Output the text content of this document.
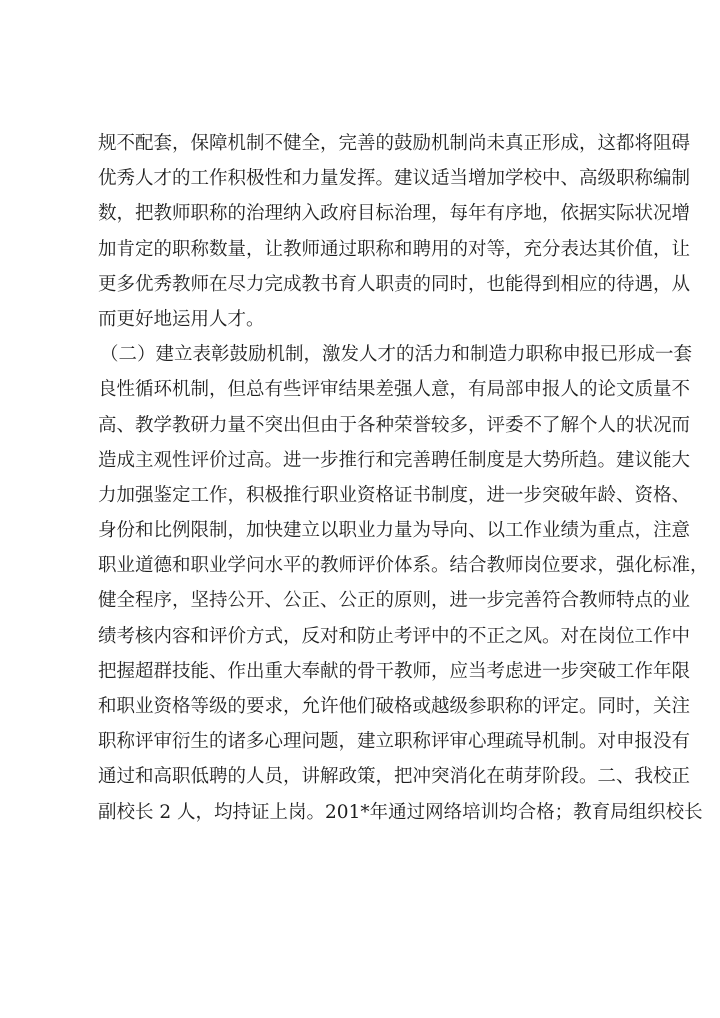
规不配套，保障机制不健全，完善的鼓励机制尚未真正形成，这都将阻碍
优秀人才的工作积极性和力量发挥。建议适当增加学校中、高级职称编制
数，把教师职称的治理纳入政府目标治理，每年有序地，依据实际状况增
加肯定的职称数量，让教师通过职称和聘用的对等，充分表达其价值，让
更多优秀教师在尽力完成教书育人职责的同时，也能得到相应的待遇，从
而更好地运用人才。
（二）建立表彰鼓励机制，激发人才的活力和制造力职称申报已形成一套
良性循环机制，但总有些评审结果差强人意，有局部申报人的论文质量不
高、教学教研力量不突出但由于各种荣誉较多，评委不了解个人的状况而
造成主观性评价过高。进一步推行和完善聘任制度是大势所趋。建议能大
力加强鉴定工作，积极推行职业资格证书制度，进一步突破年龄、资格、
身份和比例限制，加快建立以职业力量为导向、以工作业绩为重点，注意
职业道德和职业学问水平的教师评价体系。结合教师岗位要求，强化标准，
健全程序，坚持公开、公正、公正的原则，进一步完善符合教师特点的业
绩考核内容和评价方式，反对和防止考评中的不正之风。对在岗位工作中
把握超群技能、作出重大奉献的骨干教师，应当考虑进一步突破工作年限
和职业资格等级的要求，允许他们破格或越级参职称的评定。同时，关注
职称评审衍生的诸多心理问题，建立职称评审心理疏导机制。对申报没有
通过和高职低聘的人员，讲解政策，把冲突消化在萌芽阶段。二、我校正
副校长 2 人，均持证上岗。201*年通过网络培训均合格；教育局组织校长
